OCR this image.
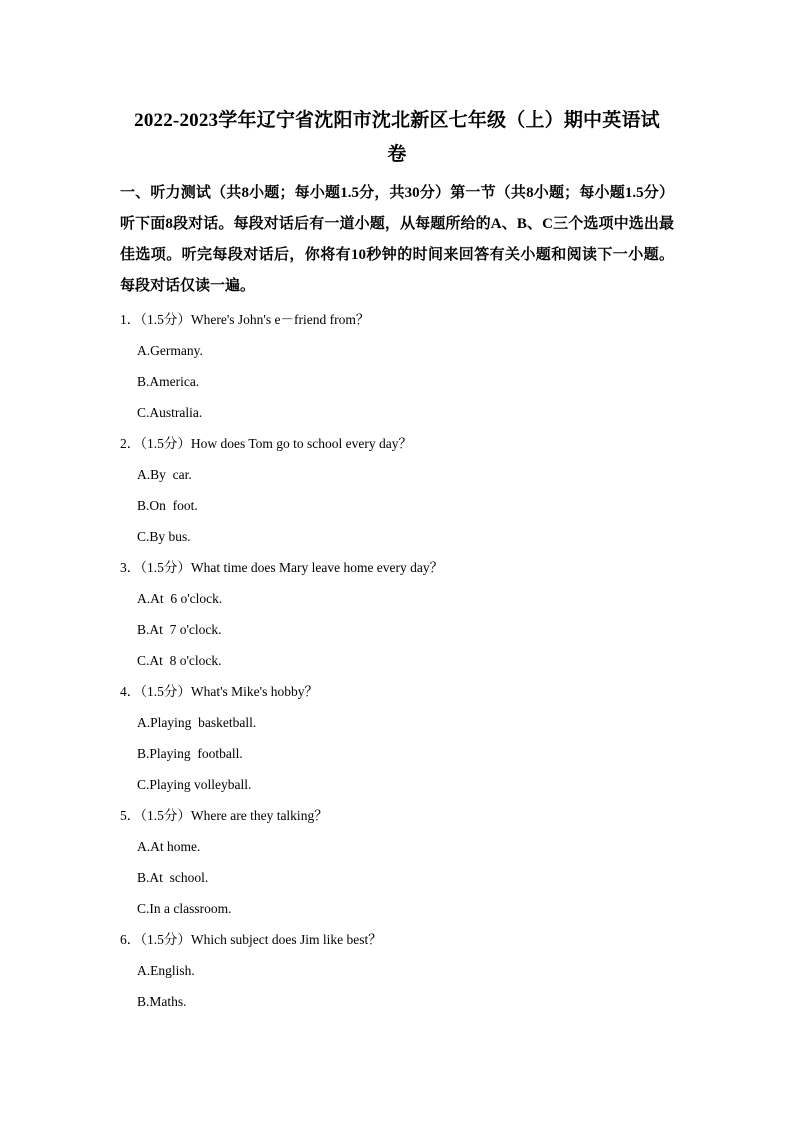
2022-2023学年辽宁省沈阳市沈北新区七年级（上）期中英语试
卷

一、听力测试（共8小题；每小题1.5分，共30分）第一节（共8小题；每小题1.5分）听下面8段对话。每段对话后有一道小题，从每题所给的A、B、C三个选项中选出最佳选项。听完每段对话后，你将有10秒钟的时间来回答有关小题和阅读下一小题。每段对话仅读一遍。

1．（1.5分）Where's John's e－friend from？
A.Germany.
B.America.
C.Australia.
2．（1.5分）How does Tom go to school every day？
A.By  car.
B.On  foot.
C.By bus.
3．（1.5分）What time does Mary leave home every day？
A.At  6 o'clock.
B.At  7 o'clock.
C.At  8 o'clock.
4．（1.5分）What's Mike's hobby？
A.Playing  basketball.
B.Playing  football.
C.Playing volleyball.
5．（1.5分）Where are they talking？
A.At home.
B.At  school.
C.In a classroom.
6．（1.5分）Which subject does Jim like best？
A.English.
B.Maths.
